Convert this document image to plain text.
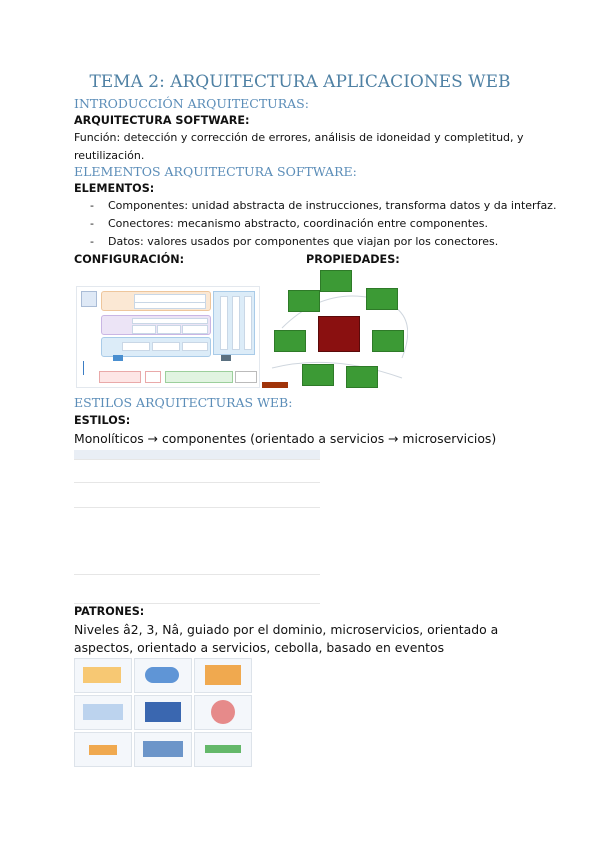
TEMA 2: ARQUITECTURA APLICACIONES WEB
INTRODUCCIÓN ARQUITECTURAS:
ARQUITECTURA SOFTWARE:
Función: detección y corrección de errores, análisis de idoneidad y completitud, y reutilización.
ELEMENTOS ARQUITECTURA SOFTWARE:
ELEMENTOS:
- Componentes: unidad abstracta de instrucciones, transforma datos y da interfaz.
- Conectores: mecanismo abstracto, coordinación entre componentes.
- Datos: valores usados por componentes que viajan por los conectores.
CONFIGURACIÓN:	PROPIEDADES:
ESTILOS ARQUITECTURAS WEB:
ESTILOS:
Monolíticos → componentes (orientado a servicios → microservicios)

PATRONES:
Niveles â2, 3, Nâ, guiado por el dominio, microservicios, orientado a aspectos, orientado a servicios, cebolla, basado en eventos
